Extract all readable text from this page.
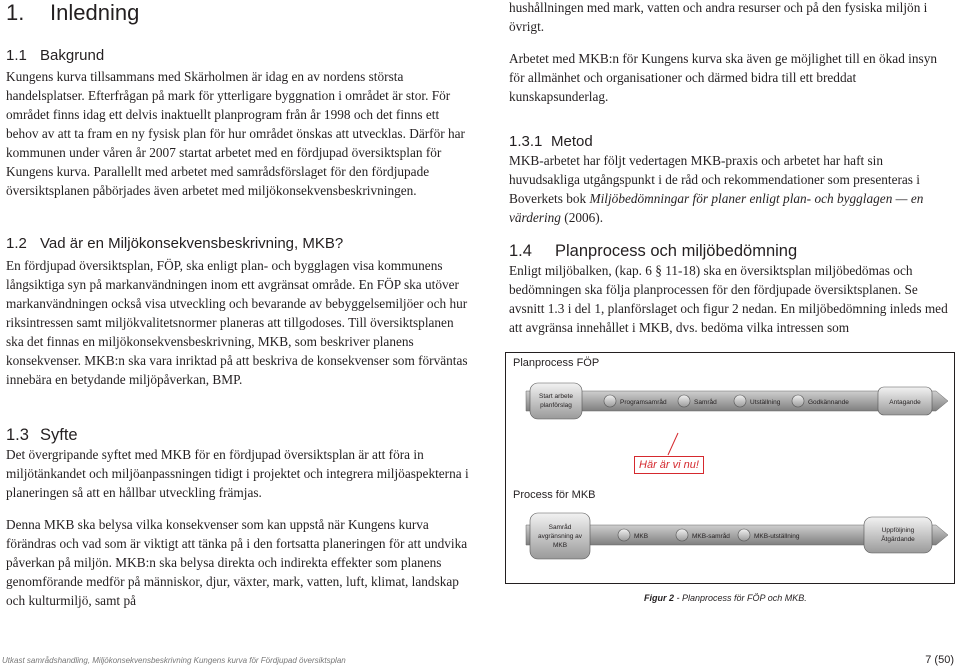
1. Inledning
1.1 Bakgrund

Kungens kurva tillsammans med Skärholmen är idag en av nordens största handelsplatser. Efterfrågan på mark för ytterligare byggnation i området är stor. För området finns idag ett delvis inaktuellt planprogram från år 1998 och det finns ett behov av att ta fram en ny fysisk plan för hur området önskas att utvecklas. Därför har kommunen under våren år 2007 startat arbetet med en fördjupad översiktsplan för Kungens kurva. Parallellt med arbetet med samrådsförslaget för den fördjupade översiktsplanen påbörjades även arbetet med miljökonsekvensbeskrivningen.

1.2 Vad är en Miljökonsekvensbeskrivning, MKB?

En fördjupad översiktsplan, FÖP, ska enligt plan- och bygglagen visa kommunens långsiktiga syn på markanvändningen inom ett avgränsat område. En FÖP ska utöver markanvändningen också visa utveckling och bevarande av bebyggelsemiljöer och hur riksintressen samt miljökvalitetsnormer planeras att tillgodoses. Till översiktsplanen ska det finnas en miljökonsekvensbeskrivning, MKB, som beskriver planens konsekvenser. MKB:n ska vara inriktad på att beskriva de konsekvenser som förväntas innebära en betydande miljöpåverkan, BMP.

1.3 Syfte

Det övergripande syftet med MKB för en fördjupad översiktsplan är att föra in miljötänkandet och miljöanpassningen tidigt i projektet och integrera miljöaspekterna i planeringen så att en hållbar utveckling främjas.

Denna MKB ska belysa vilka konsekvenser som kan uppstå när Kungens kurva förändras och vad som är viktigt att tänka på i den fortsatta planeringen för att undvika påverkan på miljön. MKB:n ska belysa direkta och indirekta effekter som planens genomförande medför på människor, djur, växter, mark, vatten, luft, klimat, landskap och kulturmiljö, samt på

hushållningen med mark, vatten och andra resurser och på den fysiska miljön i övrigt.

Arbetet med MKB:n för Kungens kurva ska även ge möjlighet till en ökad insyn för allmänhet och organisationer och därmed bidra till ett breddat kunskapsunderlag.

1.3.1 Metod

MKB-arbetet har följt vedertagen MKB-praxis och arbetet har haft sin huvudsakliga utgångspunkt i de råd och rekommendationer som presenteras i Boverkets bok Miljöbedömningar för planer enligt plan- och bygglagen — en värdering (2006).

1.4 Planprocess och miljöbedömning

Enligt miljöbalken, (kap. 6 § 11-18) ska en översiktsplan miljöbedömas och bedömningen ska följa planprocessen för den fördjupade översiktsplanen. Se avsnitt 1.3 i del 1, planförslaget och figur 2 nedan. En miljöbedömning inleds med att avgränsa innehållet i MKB, dvs. bedöma vilka intressen som

Planprocess FÖP
Process för MKB
Här är vi nu!
Start arbete
planförslag	Programsamråd	Samråd	Utställning	Godkännande	Antagande
Samråd
avgränsning av
MKB
MKB	MKB-samråd	MKB-utställning
Uppföljning
Åtgärdande
Figur 2 - Planprocess för FÖP och MKB.
Utkast samrådshandling, Miljökonsekvensbeskrivning Kungens kurva för Fördjupad översiktsplan	7 (50)
